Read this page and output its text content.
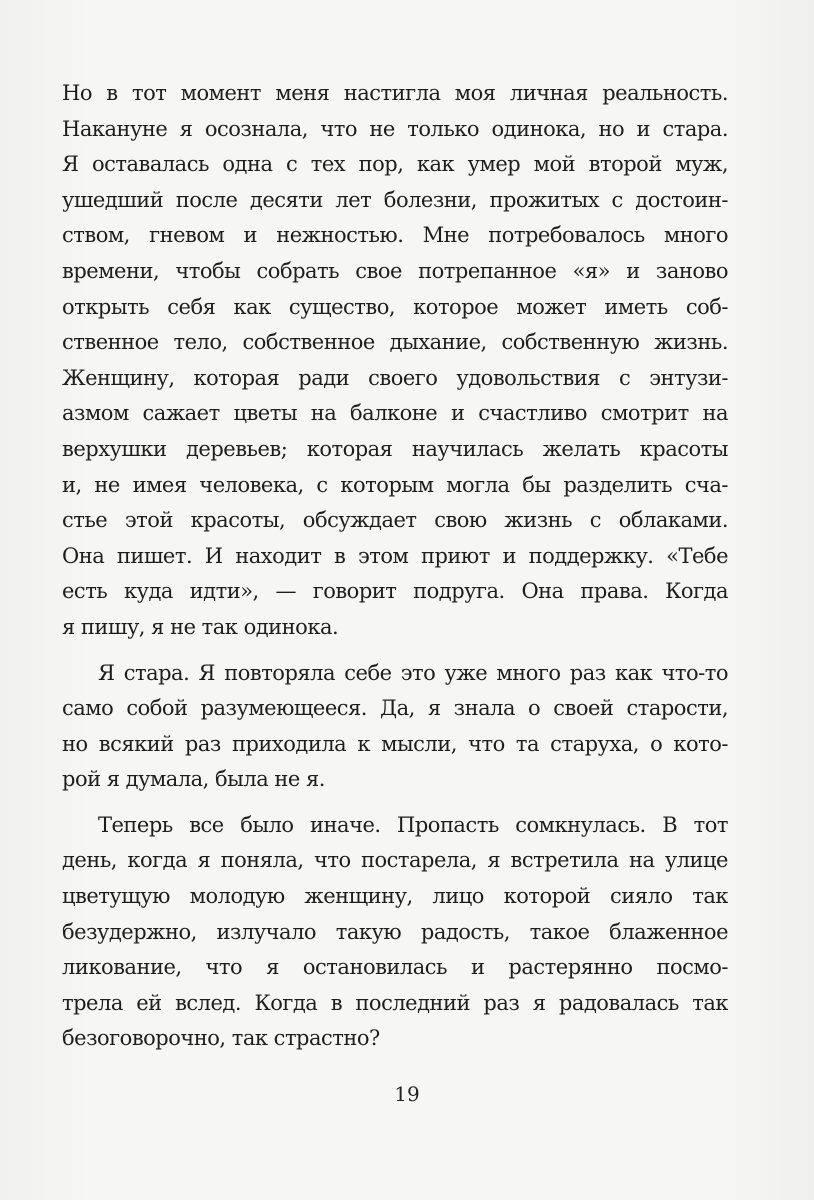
Но в тот момент меня настигла моя личная реальность.
Накануне я осознала, что не только одинока, но и стара.
Я оставалась одна с тех пор, как умер мой второй муж,
ушедший после десяти лет болезни, прожитых с достоин-
ством, гневом и нежностью. Мне потребовалось много
времени, чтобы собрать свое потрепанное «я» и заново
открыть себя как существо, которое может иметь соб-
ственное тело, собственное дыхание, собственную жизнь.
Женщину, которая ради своего удовольствия с энтузи-
азмом сажает цветы на балконе и счастливо смотрит на
верхушки деревьев; которая научилась желать красоты
и, не имея человека, с которым могла бы разделить сча-
стье этой красоты, обсуждает свою жизнь с облаками.
Она пишет. И находит в этом приют и поддержку. «Тебе
есть куда идти», — говорит подруга. Она права. Когда
я пишу, я не так одинока.
Я стара. Я повторяла себе это уже много раз как что-то
само собой разумеющееся. Да, я знала о своей старости,
но всякий раз приходила к мысли, что та старуха, о кото-
рой я думала, была не я.
Теперь все было иначе. Пропасть сомкнулась. В тот
день, когда я поняла, что постарела, я встретила на улице
цветущую молодую женщину, лицо которой сияло так
безудержно, излучало такую радость, такое блаженное
ликование, что я остановилась и растерянно посмо-
трела ей вслед. Когда в последний раз я радовалась так
безоговорочно, так страстно?
19
